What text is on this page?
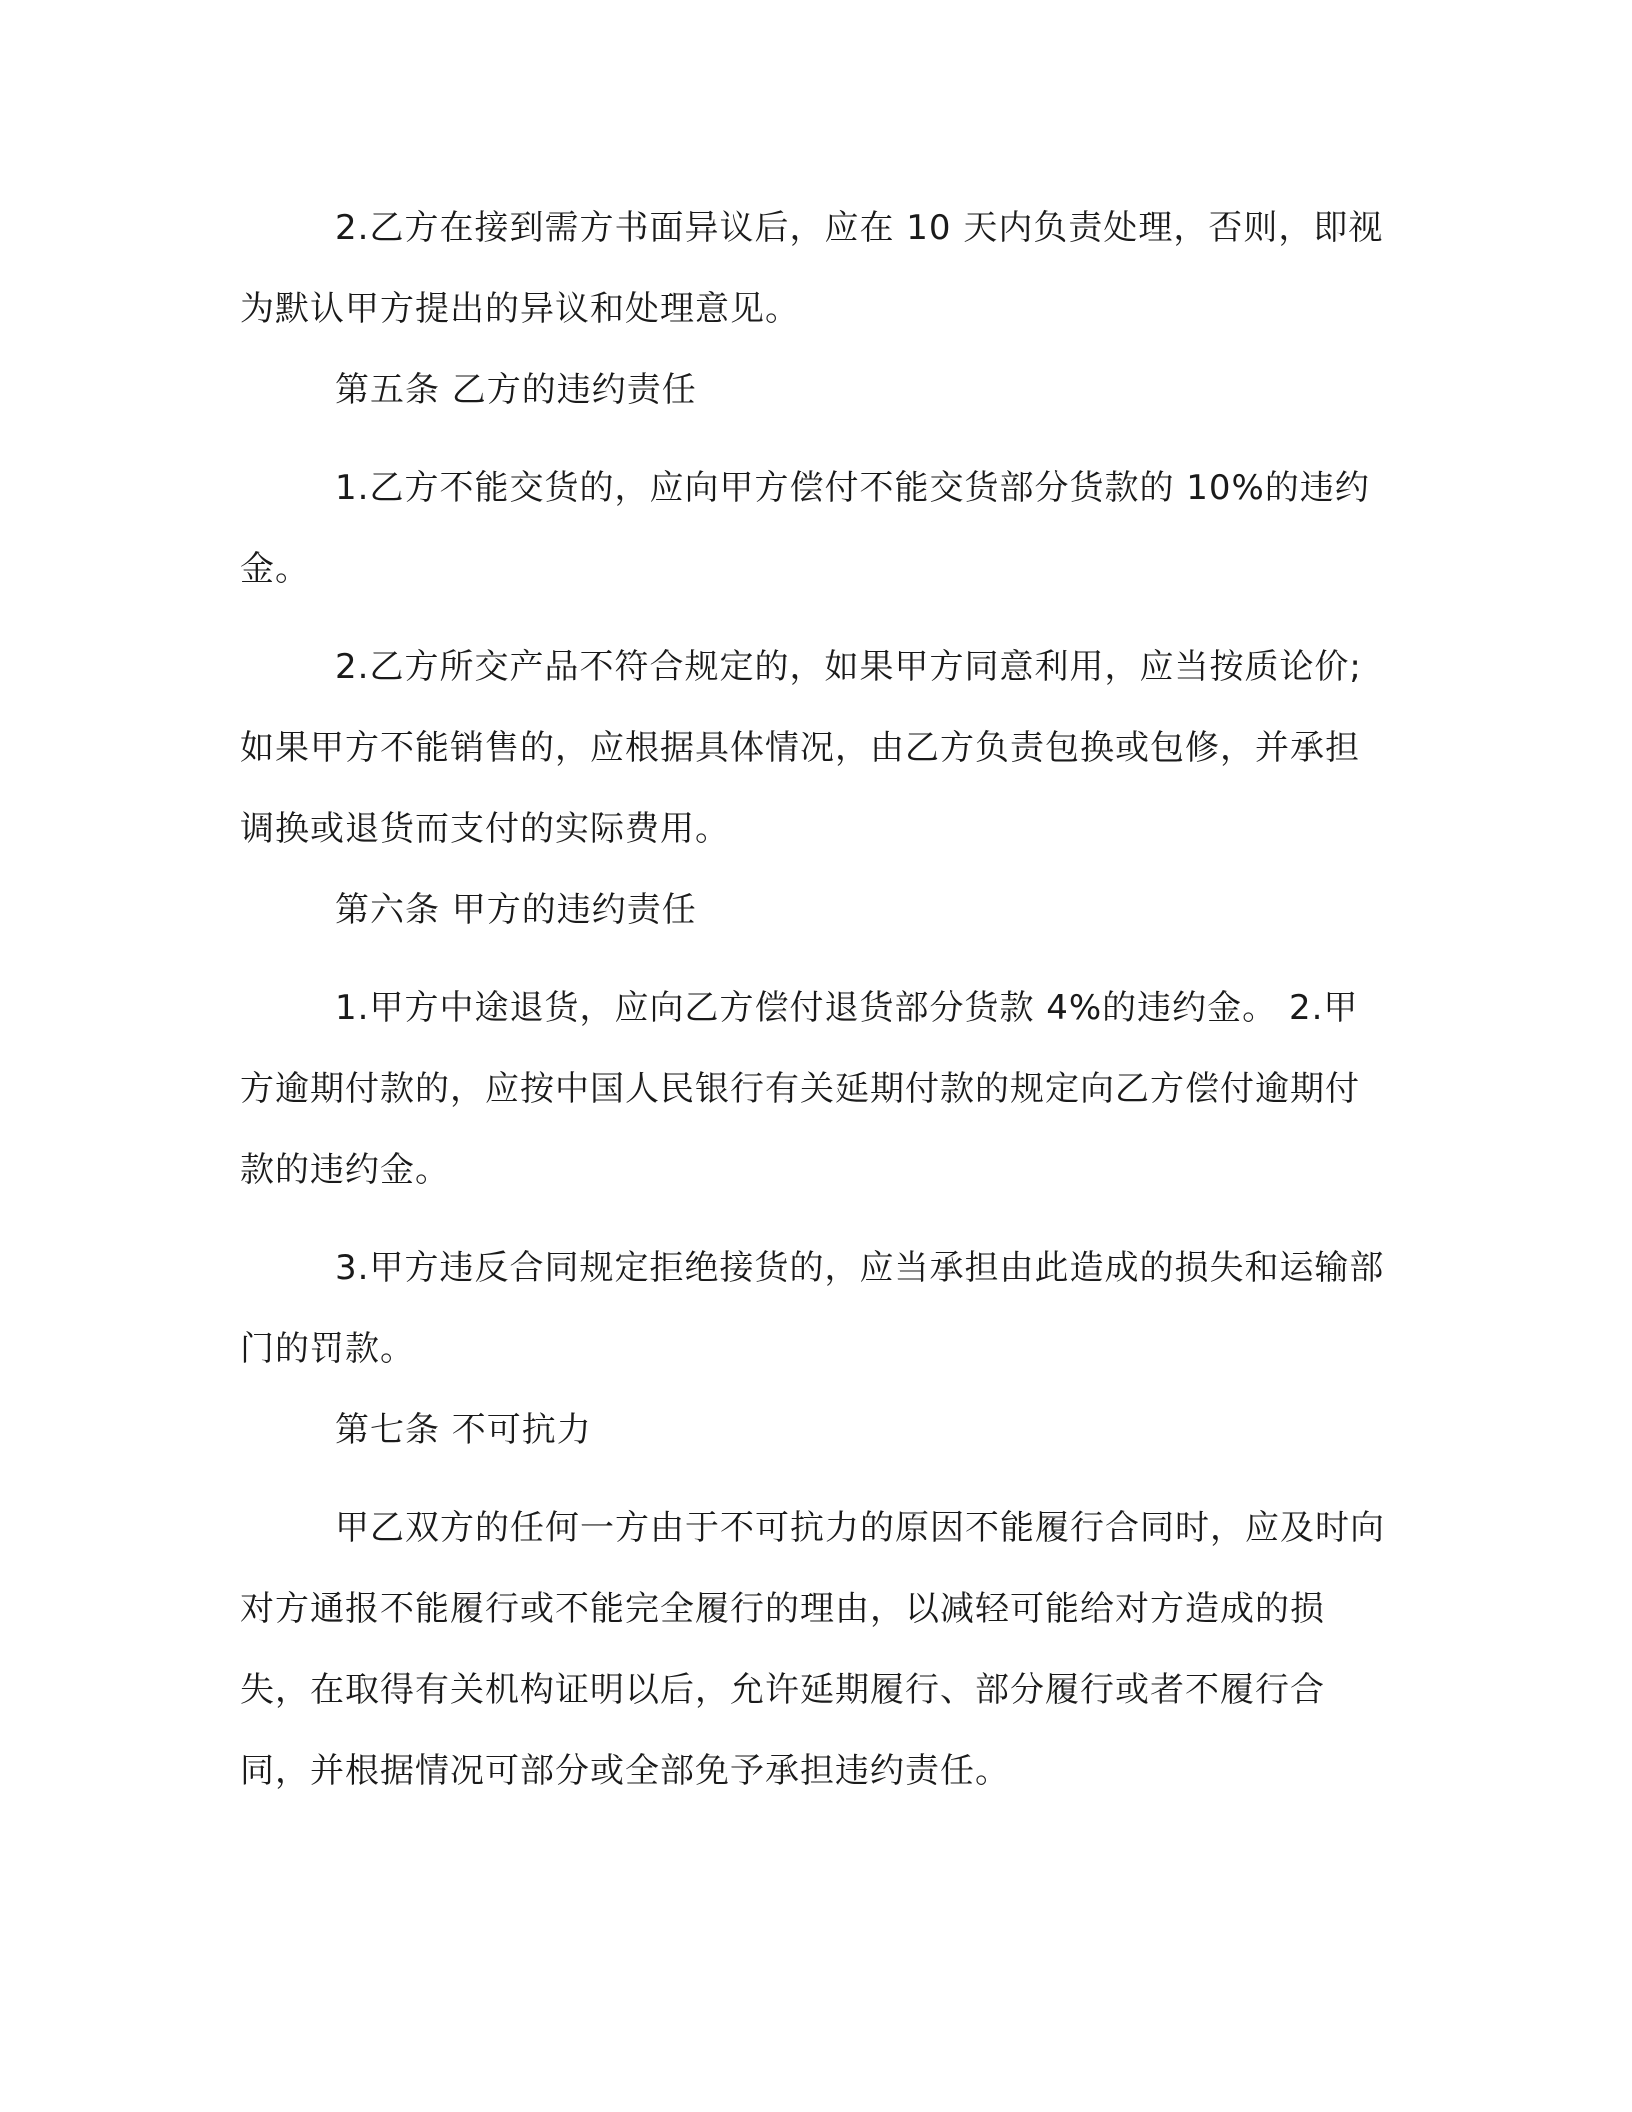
2.乙方在接到需方书面异议后，应在 10 天内负责处理，否则，即视为默认甲方提出的异议和处理意见。

第五条 乙方的违约责任

1.乙方不能交货的，应向甲方偿付不能交货部分货款的 10%的违约金。

2.乙方所交产品不符合规定的，如果甲方同意利用，应当按质论价;如果甲方不能销售的，应根据具体情况，由乙方负责包换或包修，并承担调换或退货而支付的实际费用。

第六条 甲方的违约责任

1.甲方中途退货，应向乙方偿付退货部分货款 4%的违约金。 2.甲方逾期付款的，应按中国人民银行有关延期付款的规定向乙方偿付逾期付款的违约金。

3.甲方违反合同规定拒绝接货的，应当承担由此造成的损失和运输部门的罚款。

第七条 不可抗力

甲乙双方的任何一方由于不可抗力的原因不能履行合同时，应及时向对方通报不能履行或不能完全履行的理由，以减轻可能给对方造成的损失，在取得有关机构证明以后，允许延期履行、部分履行或者不履行合同，并根据情况可部分或全部免予承担违约责任。
